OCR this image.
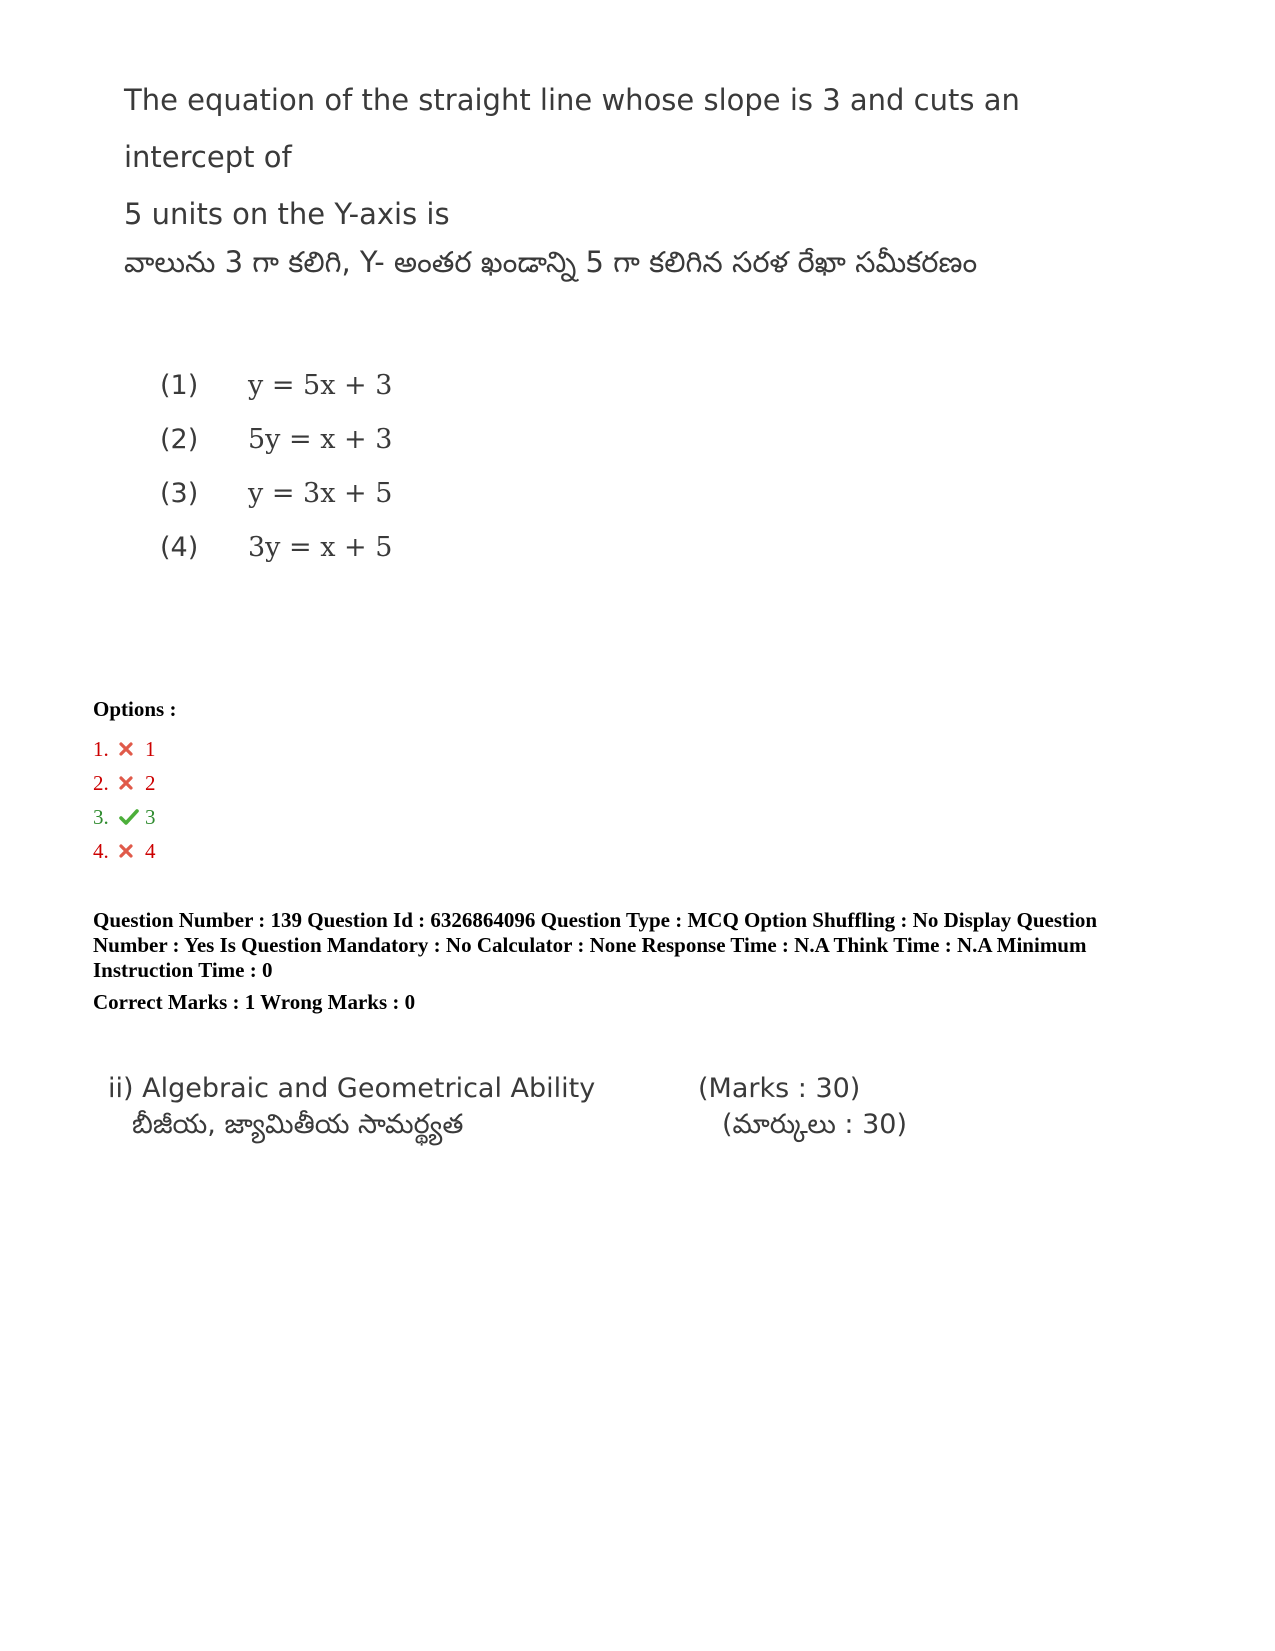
The equation of the straight line whose slope is 3 and cuts an intercept of
5 units on the Y-axis is
వాలును 3 గా కలిగి, Y- అంతర ఖండాన్ని 5 గా కలిగిన సరళ రేఖా సమీకరణం
(1)	y = 5x + 3
(2)	5y = x + 3
(3)	y = 3x + 5
(4)	3y = x + 5
Options :
1.	1
2.	2
3.	3
4.	4
Question Number : 139 Question Id : 6326864096 Question Type : MCQ Option Shuffling : No Display Question
Number : Yes Is Question Mandatory : No Calculator : None Response Time : N.A Think Time : N.A Minimum
Instruction Time : 0
Correct Marks : 1 Wrong Marks : 0
ii) Algebraic and Geometrical Ability	(Marks : 30)
బీజీయ, జ్యామితీయ సామర్థ్యత	(మార్కులు : 30)
